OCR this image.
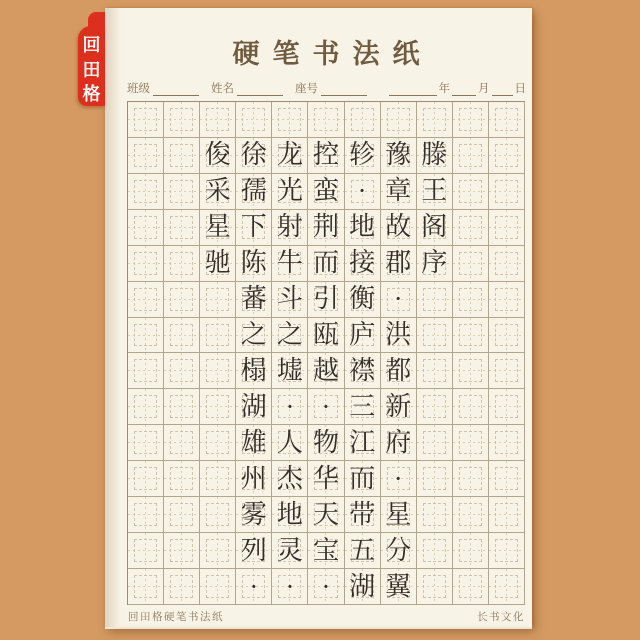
硬笔书法纸
班级	姓名	座号	年 月 日
俊 徐 龙 控 轸 豫 滕
采 孺 光 蛮 · 章 王
星 下 射 荆 地 故 阁
驰 陈 牛 而 接 郡 序
蕃 斗 引 衡 ·
之 之 瓯 庐 洪
榻 墟 越 襟 都
湖 ·	· 三 新
雄 人 物 江 府
州 杰 华 而 ·
雾 地 天 带 星
列 灵 宝 五 分
·	·	· 湖 翼
回田格硬笔书法纸	长书文化
回
田
格
